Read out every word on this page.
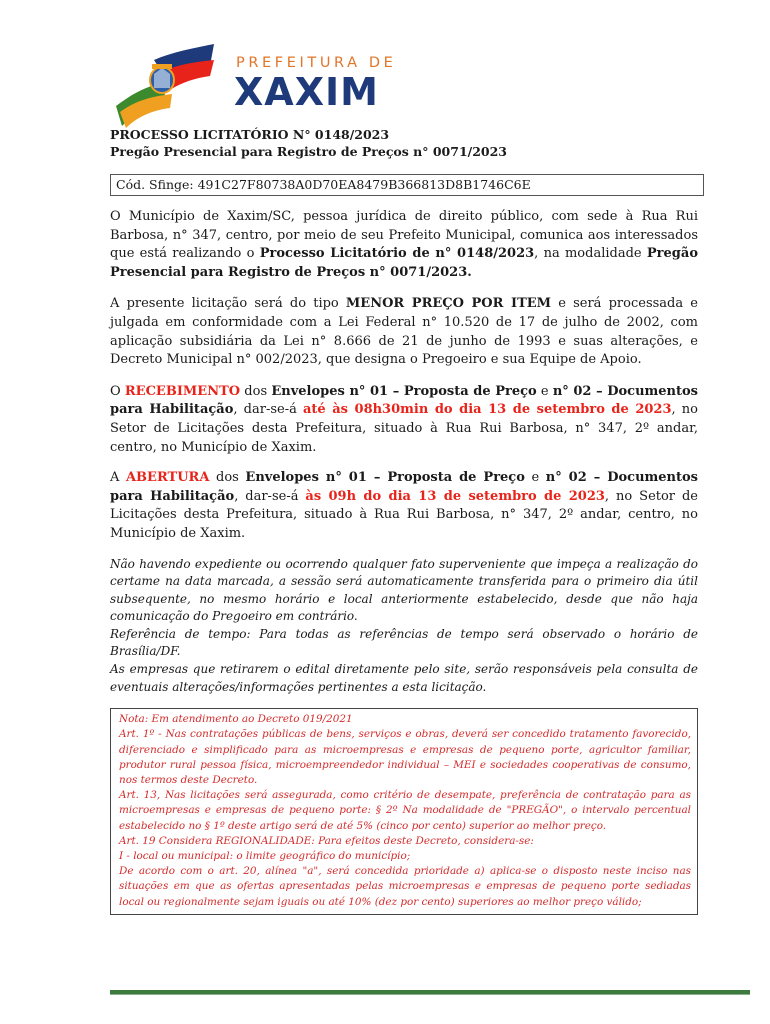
PREFEITURA DE
XAXIM
PROCESSO LICITATÓRIO N° 0148/2023
Pregão Presencial para Registro de Preços n° 0071/2023
Cód. Sfinge: 491C27F80738A0D70EA8479B366813D8B1746C6E

O Município de Xaxim/SC, pessoa jurídica de direito público, com sede à Rua Rui Barbosa, n° 347, centro, por meio de seu Prefeito Municipal, comunica aos interessados que está realizando o Processo Licitatório de n° 0148/2023, na modalidade Pregão Presencial para Registro de Preços n° 0071/2023.

A presente licitação será do tipo MENOR PREÇO POR ITEM e será processada e julgada em conformidade com a Lei Federal n° 10.520 de 17 de julho de 2002, com aplicação subsidiária da Lei n° 8.666 de 21 de junho de 1993 e suas alterações, e Decreto Municipal n° 002/2023, que designa o Pregoeiro e sua Equipe de Apoio.

O RECEBIMENTO dos Envelopes n° 01 – Proposta de Preço e n° 02 – Documentos para Habilitação, dar-se-á até às 08h30min do dia 13 de setembro de 2023, no Setor de Licitações desta Prefeitura, situado à Rua Rui Barbosa, n° 347, 2º andar, centro, no Município de Xaxim.

A ABERTURA dos Envelopes n° 01 – Proposta de Preço e n° 02 – Documentos para Habilitação, dar-se-á às 09h do dia 13 de setembro de 2023, no Setor de Licitações desta Prefeitura, situado à Rua Rui Barbosa, n° 347, 2º andar, centro, no Município de Xaxim.

Não havendo expediente ou ocorrendo qualquer fato superveniente que impeça a realização do certame na data marcada, a sessão será automaticamente transferida para o primeiro dia útil subsequente, no mesmo horário e local anteriormente estabelecido, desde que não haja comunicação do Pregoeiro em contrário.

Referência de tempo: Para todas as referências de tempo será observado o horário de Brasília/DF.

As empresas que retirarem o edital diretamente pelo site, serão responsáveis pela consulta de eventuais alterações/informações pertinentes a esta licitação.

Nota: Em atendimento ao Decreto 019/2021
Art. 1º - Nas contratações públicas de bens, serviços e obras, deverá ser concedido tratamento favorecido, diferenciado e simplificado para as microempresas e empresas de pequeno porte, agricultor familiar, produtor rural pessoa física, microempreendedor individual – MEI e sociedades cooperativas de consumo, nos termos deste Decreto.
Art. 13, Nas licitações será assegurada, como critério de desempate, preferência de contratação para as microempresas e empresas de pequeno porte: § 2º Na modalidade de "PREGÃO", o intervalo percentual estabelecido no § 1º deste artigo será de até 5% (cinco por cento) superior ao melhor preço.
Art. 19 Considera REGIONALIDADE: Para efeitos deste Decreto, considera-se:
I - local ou municipal: o limite geográfico do município;
De acordo com o art. 20, alínea "a", será concedida prioridade a) aplica-se o disposto neste inciso nas situações em que as ofertas apresentadas pelas microempresas e empresas de pequeno porte sediadas local ou regionalmente sejam iguais ou até 10% (dez por cento) superiores ao melhor preço válido;
